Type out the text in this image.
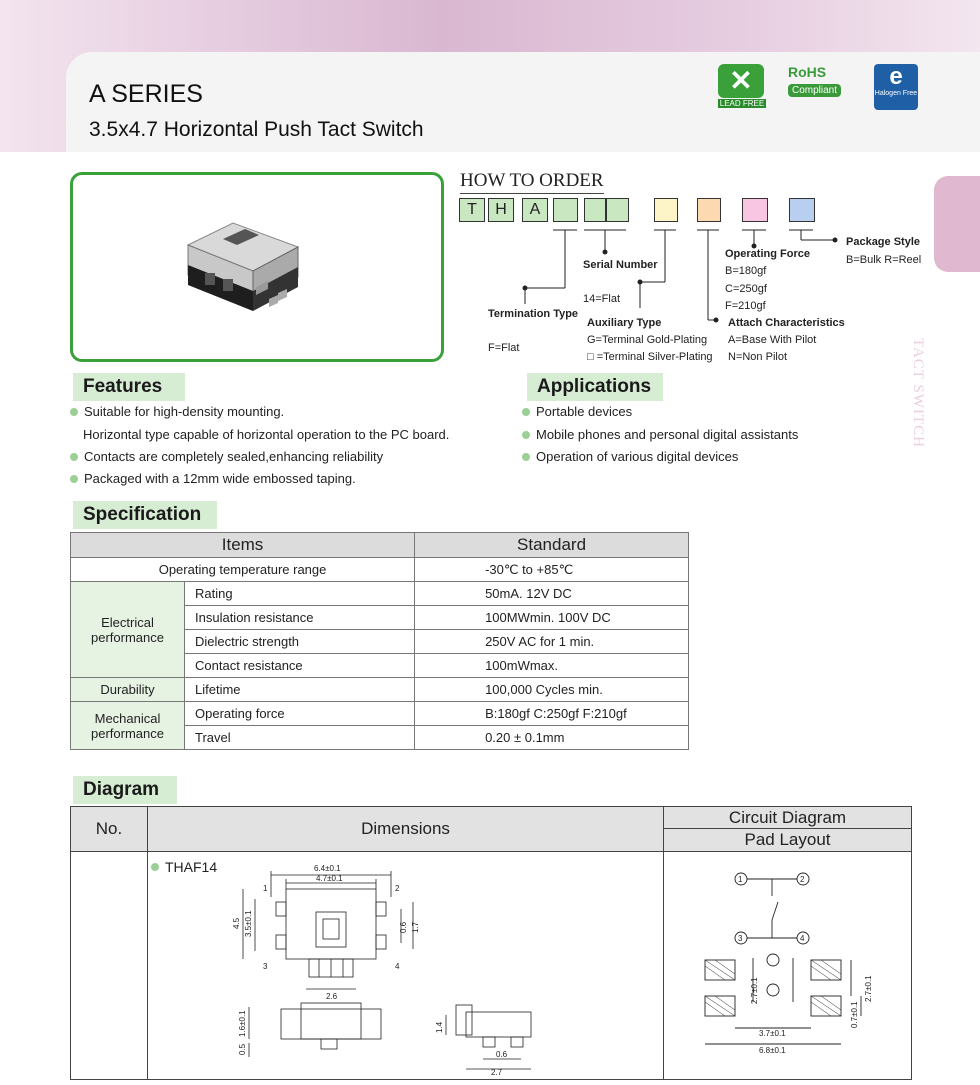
A SERIES
3.5x4.7 Horizontal Push Tact Switch
✕
LEAD FREE
RoHS
Compliant
e
Halogen Free
TACT SWITCH
HOW TO ORDER
T	H	A
Serial Number
14=Flat
Termination Type
F=Flat
Auxiliary Type
G=Terminal Gold-Plating
□ =Terminal Silver-Plating
Operating Force
B=180gf
C=250gf
F=210gf
Attach Characteristics
A=Base With Pilot
N=Non Pilot
Package Style
B=Bulk R=Reel
Features
Suitable for high-density mounting.
Horizontal type capable of horizontal operation to the PC board.
Contacts are completely sealed,enhancing reliability
Packaged with a 12mm wide embossed taping.
Applications
Portable devices
Mobile phones and personal digital assistants
Operation of various digital devices
Specification
Items		Standard
Operating temperature range		-30℃ to +85℃
Electrical performance	Rating	50mA. 12V DC
	Insulation resistance	100MWmin. 100V DC
	Dielectric strength	250V AC for 1 min.
	Contact resistance	100mWmax.
Durability	Lifetime	100,000 Cycles min.
Mechanical performance	Operating force	B:180gf C:250gf F:210gf
	Travel	0.20 ± 0.1mm
Diagram
No.	Dimensions
Circuit Diagram
Pad Layout
THAF14	6.4±0.1
4.7±0.1
4.5 3.5±0.1	0.6 1.7
2.6
1.6±0.1
0.5
1.4
0.6
2.7
1	2
3	4
1	2
3	4
2.7±0.1	2.7±0.1
0.7±0.1
3.7±0.1
6.8±0.1
